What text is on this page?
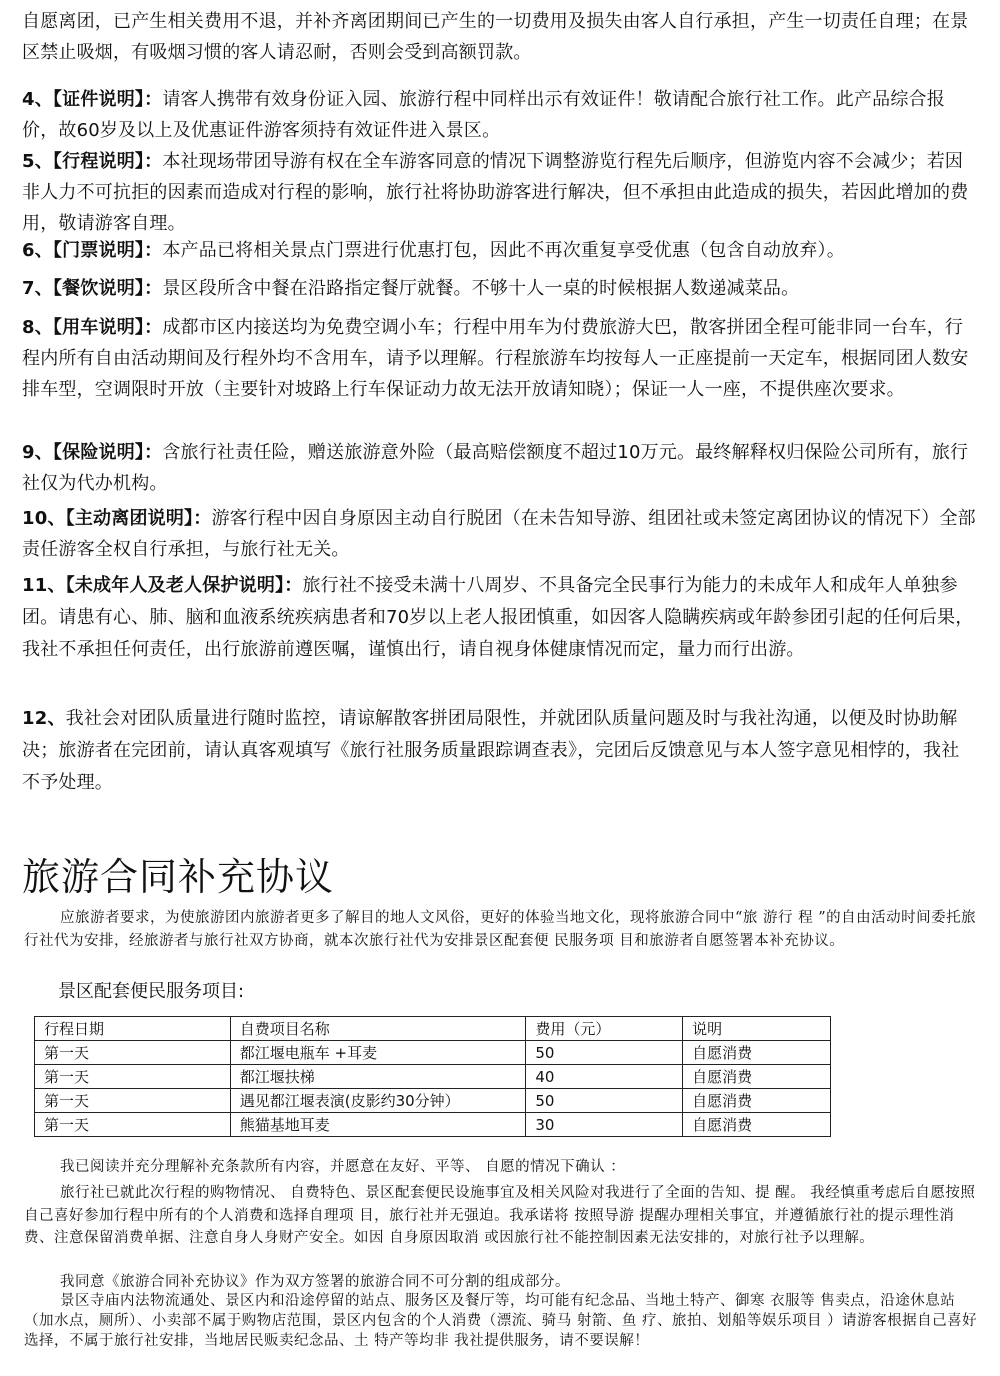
自愿离团，已产生相关费用不退，并补齐离团期间已产生的一切费用及损失由客人自行承担，产生一切责任自理；在景区禁止吸烟，有吸烟习惯的客人请忍耐，否则会受到高额罚款。

4、【证件说明】：请客人携带有效身份证入园、旅游行程中同样出示有效证件！敬请配合旅行社工作。此产品综合报价，故60岁及以上及优惠证件游客须持有效证件进入景区。

5、【行程说明】：本社现场带团导游有权在全车游客同意的情况下调整游览行程先后顺序，但游览内容不会减少；若因非人力不可抗拒的因素而造成对行程的影响，旅行社将协助游客进行解决，但不承担由此造成的损失，若因此增加的费用，敬请游客自理。

6、【门票说明】：本产品已将相关景点门票进行优惠打包，因此不再次重复享受优惠（包含自动放弃）。

7、【餐饮说明】：景区段所含中餐在沿路指定餐厅就餐。不够十人一桌的时候根据人数递减菜品。

8、【用车说明】：成都市区内接送均为免费空调小车；行程中用车为付费旅游大巴，散客拼团全程可能非同一台车，行程内所有自由活动期间及行程外均不含用车，请予以理解。行程旅游车均按每人一正座提前一天定车，根据同团人数安排车型，空调限时开放（主要针对坡路上行车保证动力故无法开放请知晓）；保证一人一座，不提供座次要求。

9、【保险说明】：含旅行社责任险，赠送旅游意外险（最高赔偿额度不超过10万元。最终解释权归保险公司所有，旅行社仅为代办机构。

10、【主动离团说明】：游客行程中因自身原因主动自行脱团（在未告知导游、组团社或未签定离团协议的情况下）全部责任游客全权自行承担，与旅行社无关。

11、【未成年人及老人保护说明】：旅行社不接受未满十八周岁、不具备完全民事行为能力的未成年人和成年人单独参团。请患有心、肺、脑和血液系统疾病患者和70岁以上老人报团慎重，如因客人隐瞒疾病或年龄参团引起的任何后果，我社不承担任何责任，出行旅游前遵医嘱，谨慎出行，请自视身体健康情况而定，量力而行出游。

12、我社会对团队质量进行随时监控，请谅解散客拼团局限性，并就团队质量问题及时与我社沟通，以便及时协助解决；旅游者在完团前，请认真客观填写《旅行社服务质量跟踪调查表》，完团后反馈意见与本人签字意见相悖的，我社不予处理。

旅游合同补充协议

应旅游者要求，为使旅游团内旅游者更多了解目的地人文风俗，更好的体验当地文化，现将旅游合同中“旅 游行 程 ”的自由活动时间委托旅行社代为安排，经旅游者与旅行社双方协商，就本次旅行社代为安排景区配套便 民服务项 目和旅游者自愿签署本补充协议。

景区配套便民服务项目:
行程日期	自费项目名称	费用（元）	说明
第一天	都江堰电瓶车 +耳麦	50	自愿消费
第一天	都江堰扶梯	40	自愿消费
第一天	遇见都江堰表演(皮影约30分钟）	50	自愿消费
第一天	熊猫基地耳麦	30	自愿消费

我已阅读并充分理解补充条款所有内容，并愿意在友好、平等、 自愿的情况下确认 ：

旅行社已就此次行程的购物情况、 自费特色、景区配套便民设施事宜及相关风险对我进行了全面的告知、提 醒。 我经慎重考虑后自愿按照自己喜好参加行程中所有的个人消费和选择自理项 目，旅行社并无强迫。我承诺将 按照导游 提醒办理相关事宜，并遵循旅行社的提示理性消费、注意保留消费单据、注意自身人身财产安全。如因 自身原因取消 或因旅行社不能控制因素无法安排的，对旅行社予以理解。

我同意《旅游合同补充协议》作为双方签署的旅游合同不可分割的组成部分。

景区寺庙内法物流通处、景区内和沿途停留的站点、服务区及餐厅等，均可能有纪念品、当地土特产、御寒 衣服等 售卖点，沿途休息站（加水点，厕所）、小卖部不属于购物店范围，景区内包含的个人消费（漂流、骑马 射箭、鱼 疗、旅拍、划船等娱乐项目 ）请游客根据自己喜好选择，不属于旅行社安排，当地居民贩卖纪念品、土 特产等均非 我社提供服务，请不要误解！
